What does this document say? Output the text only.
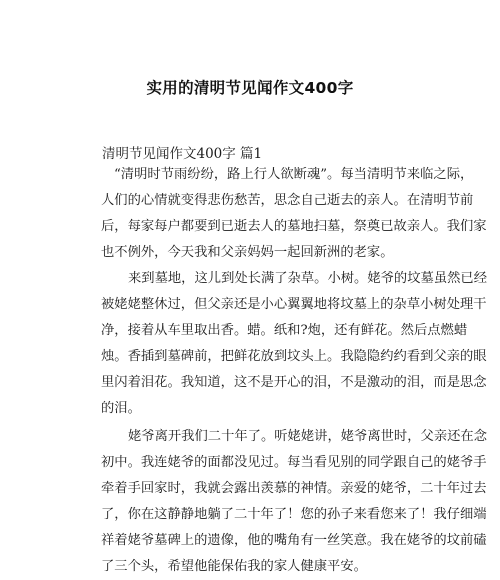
实用的清明节见闻作文400字
清明节见闻作文400字 篇1
“清明时节雨纷纷，路上行人欲断魂”。每当清明节来临之际，
人们的心情就变得悲伤愁苦，思念自己逝去的亲人。在清明节前
后，每家每户都要到已逝去人的墓地扫墓，祭奠已故亲人。我们家
也不例外，今天我和父亲妈妈一起回新洲的老家。
来到墓地，这儿到处长满了杂草。小树。姥爷的坟墓虽然已经
被姥姥整休过，但父亲还是小心翼翼地将坟墓上的杂草小树处理干
净，接着从车里取出香。蜡。纸和?炮，还有鲜花。然后点燃蜡
烛。香插到墓碑前，把鲜花放到坟头上。我隐隐约约看到父亲的眼
里闪着泪花。我知道，这不是开心的泪，不是激动的泪，而是思念
的泪。
姥爷离开我们二十年了。听姥姥讲，姥爷离世时，父亲还在念
初中。我连姥爷的面都没见过。每当看见别的同学跟自己的姥爷手
牵着手回家时，我就会露出羡慕的神情。亲爱的姥爷，二十年过去
了，你在这静静地躺了二十年了！您的孙子来看您来了！我仔细端
祥着姥爷墓碑上的遗像，他的嘴角有一丝笑意。我在姥爷的坟前磕
了三个头，希望他能保佑我的家人健康平安。
